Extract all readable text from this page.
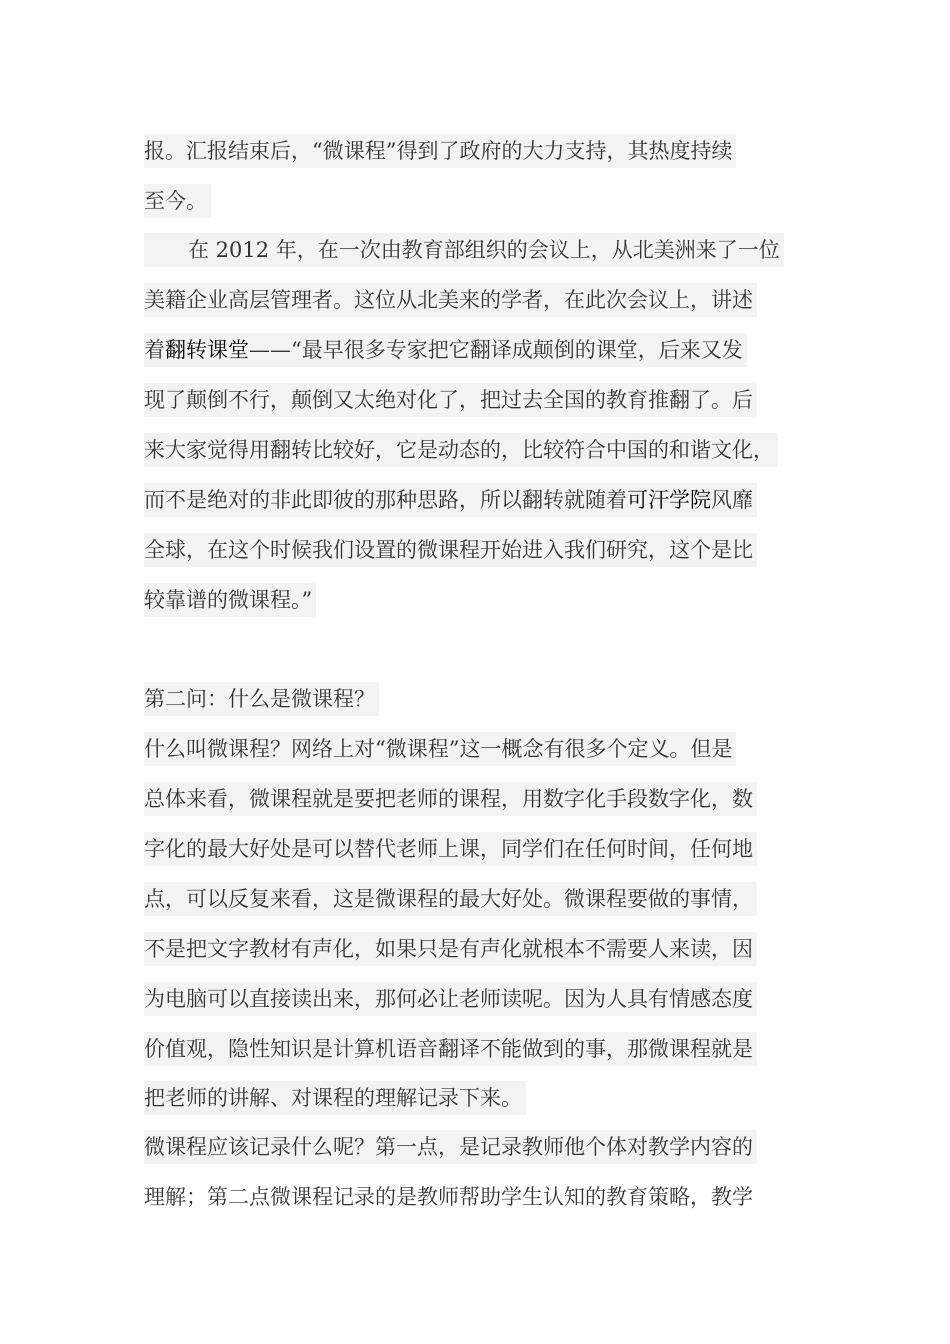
报。汇报结束后，“微课程”得到了政府的大力支持，其热度持续
至今。
在 2012 年，在一次由教育部组织的会议上，从北美洲来了一位
美籍企业高层管理者。这位从北美来的学者，在此次会议上，讲述
着翻转课堂——“最早很多专家把它翻译成颠倒的课堂，后来又发
现了颠倒不行，颠倒又太绝对化了，把过去全国的教育推翻了。后
来大家觉得用翻转比较好，它是动态的，比较符合中国的和谐文化，
而不是绝对的非此即彼的那种思路，所以翻转就随着可汗学院风靡
全球，在这个时候我们设置的微课程开始进入我们研究，这个是比
较靠谱的微课程。”
第二问：什么是微课程？
什么叫微课程？网络上对“微课程”这一概念有很多个定义。但是
总体来看，微课程就是要把老师的课程，用数字化手段数字化，数
字化的最大好处是可以替代老师上课，同学们在任何时间，任何地
点，可以反复来看，这是微课程的最大好处。微课程要做的事情，
不是把文字教材有声化，如果只是有声化就根本不需要人来读，因
为电脑可以直接读出来，那何必让老师读呢。因为人具有情感态度
价值观，隐性知识是计算机语音翻译不能做到的事，那微课程就是
把老师的讲解、对课程的理解记录下来。
微课程应该记录什么呢？第一点，是记录教师他个体对教学内容的
理解；第二点微课程记录的是教师帮助学生认知的教育策略，教学
